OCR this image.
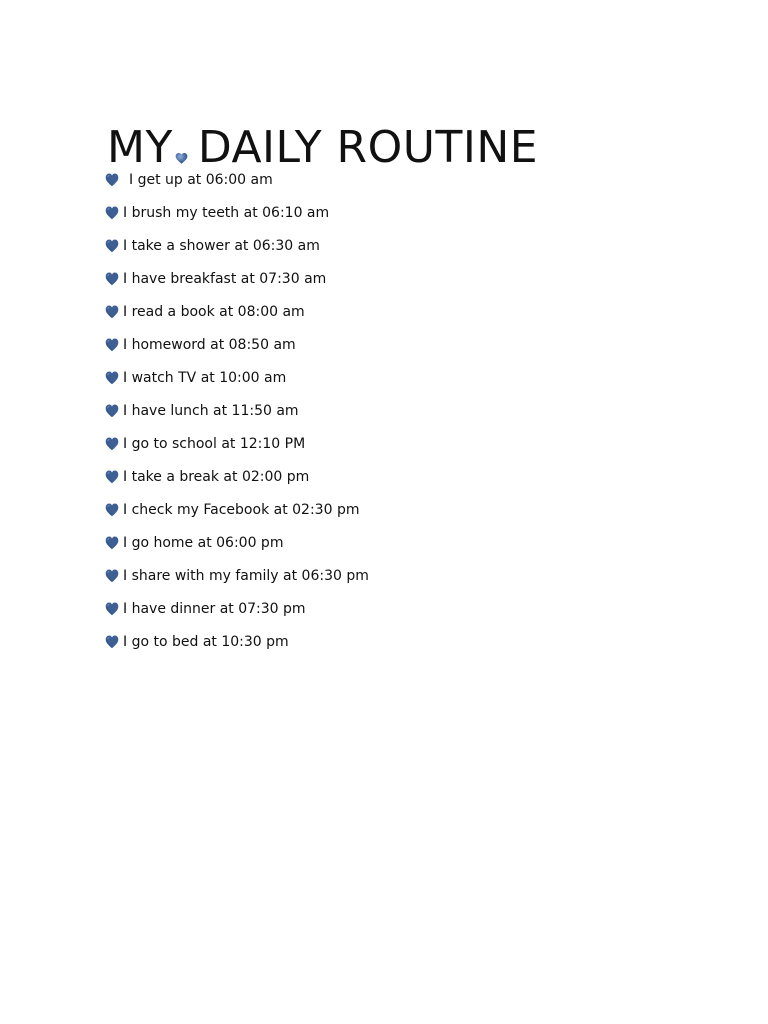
MY DAILY ROUTINE
I get up at 06:00 am
I brush my teeth at 06:10 am
I take a shower at 06:30 am
I have breakfast at 07:30 am
I read a book at 08:00 am
I homeword at 08:50 am
I watch TV at 10:00 am
I have lunch at 11:50 am
I go to school at 12:10 PM
I take a break at 02:00 pm
I check my Facebook at 02:30 pm
I go home at 06:00 pm
I share with my family at 06:30 pm
I have dinner at 07:30 pm
I go to bed at 10:30 pm
